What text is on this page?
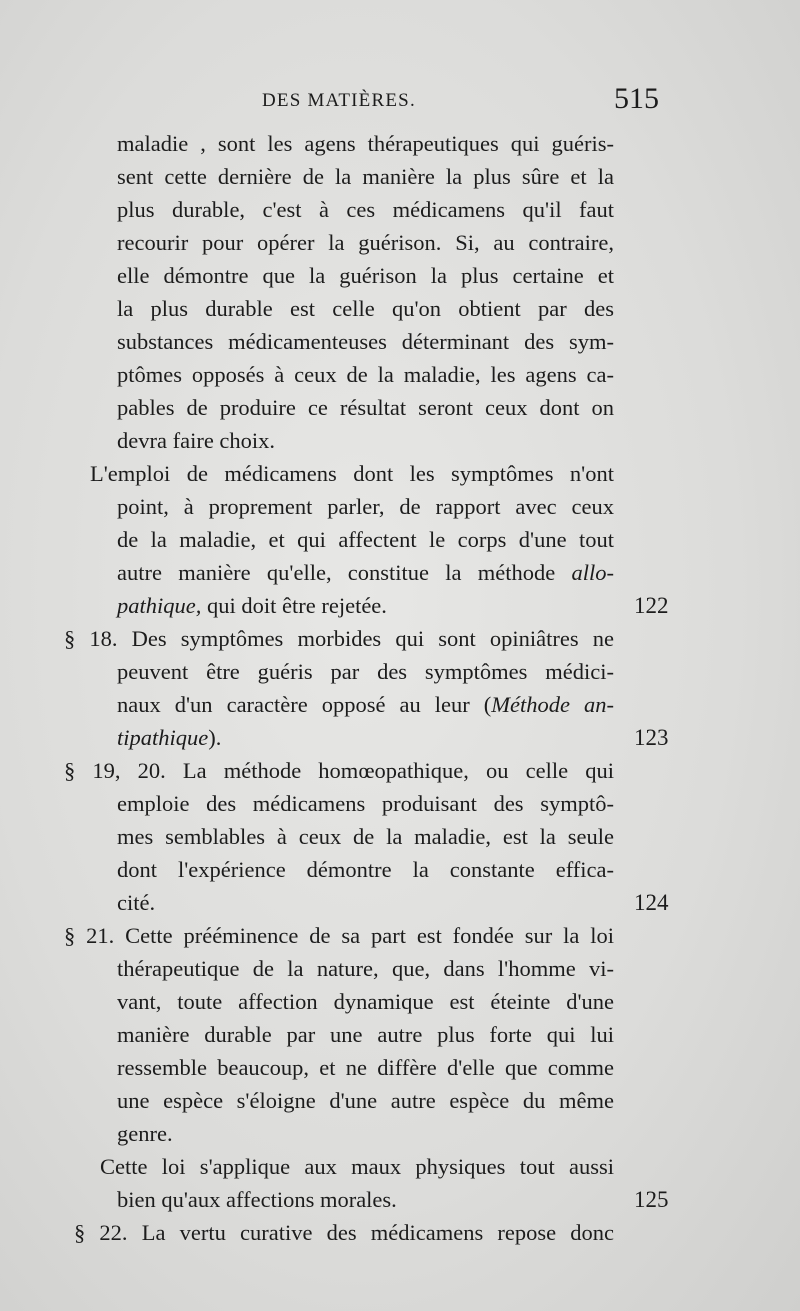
DES MATIÈRES.	515
maladie , sont les agens thérapeutiques qui guéris-
sent cette dernière de la manière la plus sûre et la
plus durable, c'est à ces médicamens qu'il faut
recourir pour opérer la guérison. Si, au contraire,
elle démontre que la guérison la plus certaine et
la plus durable est celle qu'on obtient par des
substances médicamenteuses déterminant des sym-
ptômes opposés à ceux de la maladie, les agens ca-
pables de produire ce résultat seront ceux dont on
devra faire choix.
L'emploi de médicamens dont les symptômes n'ont
point, à proprement parler, de rapport avec ceux
de la maladie, et qui affectent le corps d'une tout
autre manière qu'elle, constitue la méthode allo-
pathique, qui doit être rejetée.	122
§ 18. Des symptômes morbides qui sont opiniâtres ne
peuvent être guéris par des symptômes médici-
naux d'un caractère opposé au leur (Méthode an-
tipathique).	123
§ 19, 20. La méthode homœopathique, ou celle qui
emploie des médicamens produisant des symptô-
mes semblables à ceux de la maladie, est la seule
dont l'expérience démontre la constante effica-
cité.	124
§ 21. Cette prééminence de sa part est fondée sur la loi
thérapeutique de la nature, que, dans l'homme vi-
vant, toute affection dynamique est éteinte d'une
manière durable par une autre plus forte qui lui
ressemble beaucoup, et ne diffère d'elle que comme
une espèce s'éloigne d'une autre espèce du même
genre.
Cette loi s'applique aux maux physiques tout aussi
bien qu'aux affections morales.	125
§ 22. La vertu curative des médicamens repose donc
